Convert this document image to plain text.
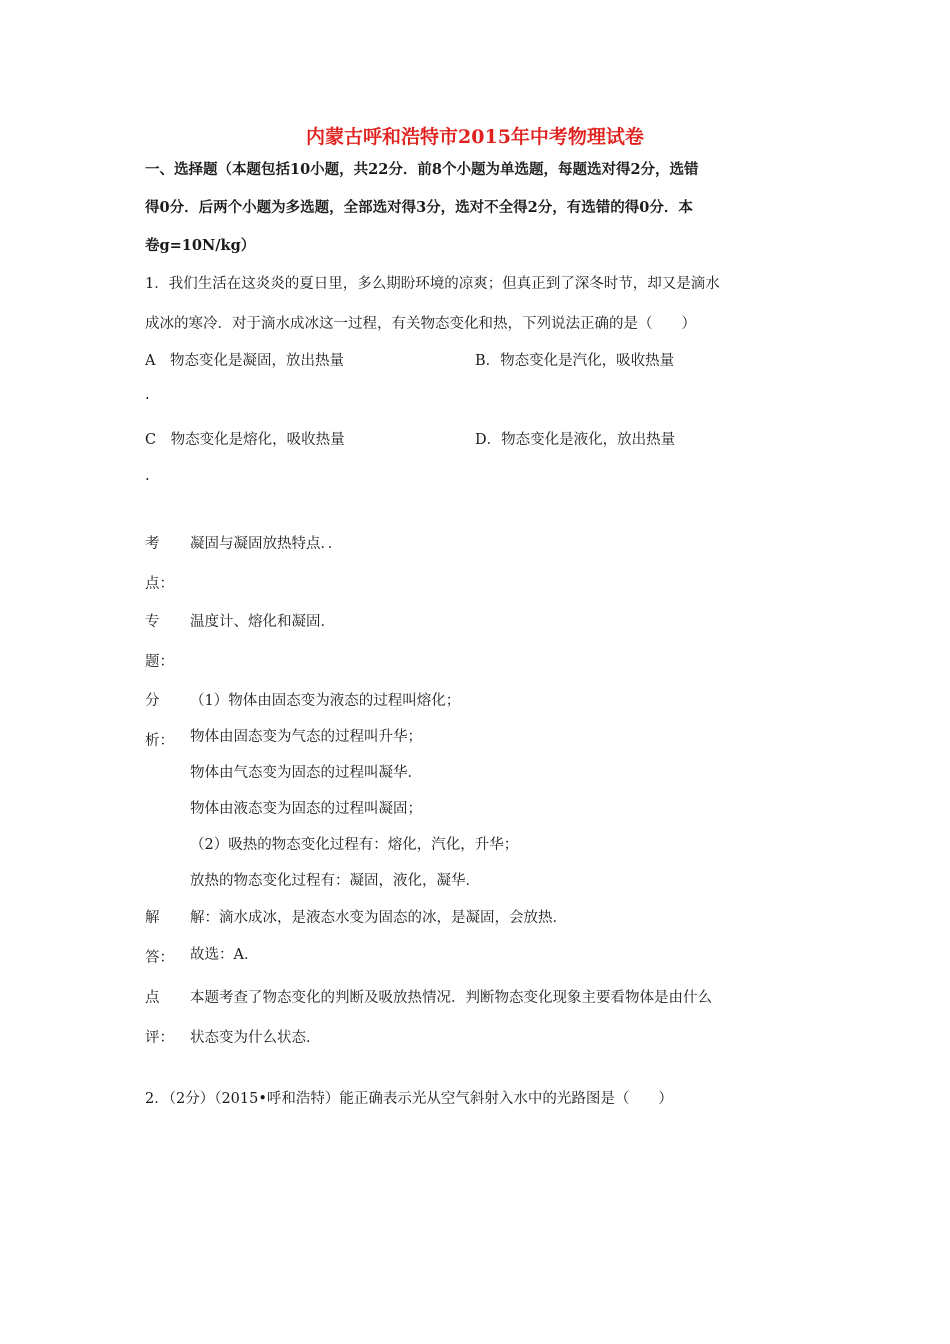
内蒙古呼和浩特市2015年中考物理试卷
一、选择题（本题包括10小题，共22分．前8个小题为单选题，每题选对得2分，选错
得0分．后两个小题为多选题，全部选对得3分，选对不全得2分，有选错的得0分．本
卷g=10N/kg）
1．我们生活在这炎炎的夏日里，多么期盼环境的凉爽；但真正到了深冬时节，却又是滴水
成冰的寒冷．对于滴水成冰这一过程，有关物态变化和热，下列说法正确的是（　　）
A　物态变化是凝固，放出热量	B．物态变化是汽化，吸收热量
.
C　物态变化是熔化，吸收热量	D．物态变化是液化，放出热量
.
考
点：
凝固与凝固放热特点．．
专
题：
温度计、熔化和凝固．
分
析：
（1）物体由固态变为液态的过程叫熔化；
物体由固态变为气态的过程叫升华；
物体由气态变为固态的过程叫凝华．
物体由液态变为固态的过程叫凝固；
（2）吸热的物态变化过程有：熔化，汽化，升华；
放热的物态变化过程有：凝固，液化，凝华．
解
答：
解：滴水成冰，是液态水变为固态的冰，是凝固，会放热．
故选：A．
点
评：
本题考查了物态变化的判断及吸放热情况．判断物态变化现象主要看物体是由什么
状态变为什么状态．
2．（2分）（2015•呼和浩特）能正确表示光从空气斜射入水中的光路图是（　　）
